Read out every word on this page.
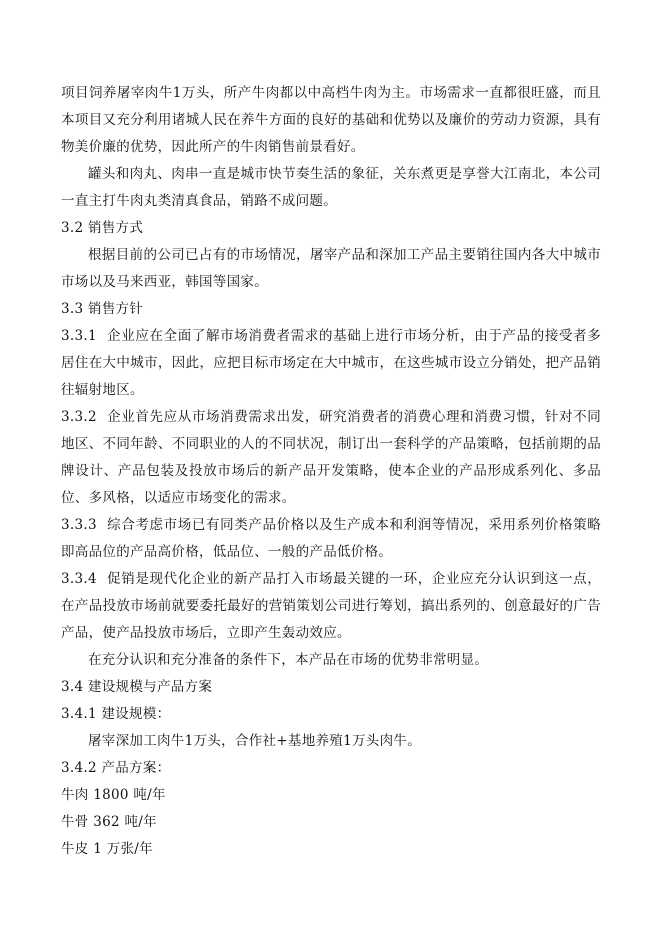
项目饲养屠宰肉牛1万头，所产牛肉都以中高档牛肉为主。市场需求一直都很旺盛，而且本项目又充分利用诸城人民在养牛方面的良好的基础和优势以及廉价的劳动力资源，具有物美价廉的优势，因此所产的牛肉销售前景看好。

罐头和肉丸、肉串一直是城市快节奏生活的象征，关东煮更是享誉大江南北，本公司一直主打牛肉丸类清真食品，销路不成问题。

3.2 销售方式

根据目前的公司已占有的市场情况，屠宰产品和深加工产品主要销往国内各大中城市市场以及马来西亚，韩国等国家。

3.3 销售方针

3.3.1 企业应在全面了解市场消费者需求的基础上进行市场分析，由于产品的接受者多居住在大中城市，因此，应把目标市场定在大中城市，在这些城市设立分销处，把产品销往辐射地区。

3.3.2 企业首先应从市场消费需求出发，研究消费者的消费心理和消费习惯，针对不同地区、不同年龄、不同职业的人的不同状况，制订出一套科学的产品策略，包括前期的品牌设计、产品包装及投放市场后的新产品开发策略，使本企业的产品形成系列化、多品位、多风格，以适应市场变化的需求。

3.3.3 综合考虑市场已有同类产品价格以及生产成本和利润等情况，采用系列价格策略即高品位的产品高价格，低品位、一般的产品低价格。

3.3.4 促销是现代化企业的新产品打入市场最关键的一环，企业应充分认识到这一点，在产品投放市场前就要委托最好的营销策划公司进行筹划，搞出系列的、创意最好的广告产品，使产品投放市场后，立即产生轰动效应。

在充分认识和充分准备的条件下，本产品在市场的优势非常明显。

3.4 建设规模与产品方案

3.4.1 建设规模：

屠宰深加工肉牛1万头，合作社+基地养殖1万头肉牛。

3.4.2 产品方案：

牛肉 1800 吨/年

牛骨 362 吨/年

牛皮 1 万张/年
